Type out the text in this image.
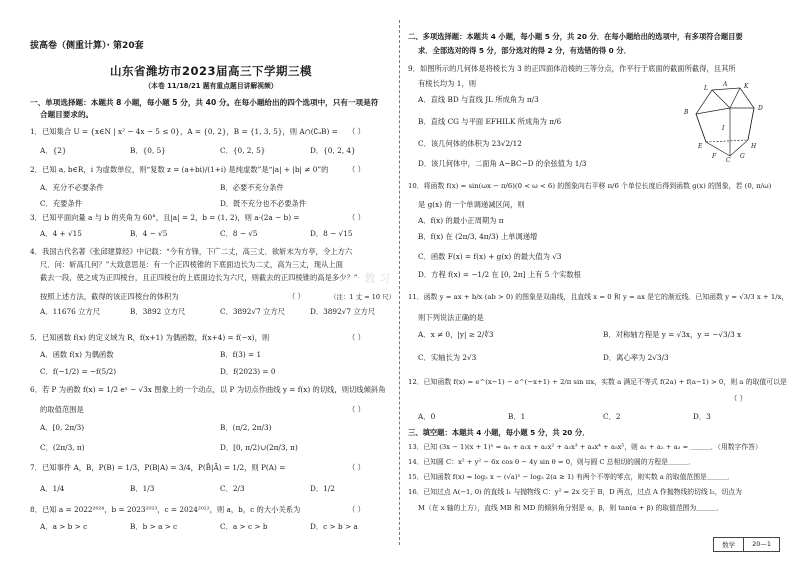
拔高卷（侧重计算）· 第20套
山东省潍坊市2023届高三下学期三模
（本卷 11/18/21 题有重点题目讲解视频）
一、单项选择题：本题共 8 小题，每小题 5 分，共 40 分。在每小题给出的四个选项中，只有一项是符
合题目要求的。
1．已知集合 U = {x∈N | x² − 4x − 5 ≤ 0}，A = {0, 2}，B = {1, 3, 5}，则 A∩(∁ᵤB) = （ ）
A．{2}	B．{0, 5}	C．{0, 2, 5}	D．{0, 2, 4}
2．已知 a, b∈R，i 为虚数单位，则“复数 z = (a+bi)/(1+i) 是纯虚数”是“|a| + |b| ≠ 0”的	（ ）
A．充分不必要条件	B．必要不充分条件
C．充要条件	D．既不充分也不必要条件
3．已知平面向量 a 与 b 的夹角为 60°，且|a| = 2，b = (1, 2)，则 a·(2a − b) =	（ ）
A．4 + √15	B．4 − √5	C．8 − √5	D．8 − √15
4．我国古代名著《张邱建算经》中记载：“今有方锋，下广二丈，高三丈．欲斩末为方亭，令上方六
尺．问：斩高几何？”大致意思是：有一个正四棱锥的下底面边长为二丈，高为三丈，现从上面
截去一段，使之成为正四棱台，且正四棱台的上底面边长为六尺，则截去的正四棱锥的高是多少？”
按照上述方法，截得的该正四棱台的体积为	（ ）	（注：1 丈 = 10 尺）
A．11676 立方尺	B．3892 立方尺	C．3892√7 立方尺	D．3892√7 立方尺
5．已知函数 f(x) 的定义域为 R，f(x+1) 为偶函数，f(x+4) = f(−x)，则	（ ）
A．函数 f(x) 为偶函数	B．f(3) = 1
C．f(−1/2) = −f(5/2)	D．f(2023) = 0
6．若 P 为函数 f(x) = 1/2 eˣ − √3x 图象上的一个动点，以 P 为切点作曲线 y = f(x) 的切线，则切线倾斜角
的取值范围是	（ ）
A．[0, 2π/3)	B．(π/2, 2π/3)
C．(2π/3, π)	D．[0, π/2)∪(2π/3, π)
7．已知事件 A，B，P(B) = 1/3，P(B|A) = 3/4，P(B̄|Ā) = 1/2，则 P(A) =	（ ）
A．1/4	B．1/3	C．2/3	D．1/2
8．已知 a = 2022²⁰²⁴，b = 2023²⁰²³，c = 2024²⁰²²，则 a，b，c 的大小关系为	（ ）
A．a > b > c	B．b > a > c	C．a > c > b	D．c > b > a
二、多项选择题：本题共 4 小题，每小题 5 分，共 20 分．在每小题给出的选项中，有多项符合题目要
求．全部选对的得 5 分，部分选对的得 2 分，有选错的得 0 分．
9．如图所示的几何体是将棱长为 3 的正四面体沿棱的三等分点，作平行于底面的截面所截得，且其所
有棱长均为 1，则
A．直线 BD 与直线 JL 所成角为 π/3
B．直线 CG 与平面 EFHILK 所成角为 π/6
C．该几何体的体积为 23√2/12
D．该几何体中，二面角 A−BC−D 的余弦值为 1/3
10．将函数 f(x) = sin(ωx − π/6)(0 < ω < 6) 的图象向右平移 π/6 个单位长度后得到函数 g(x) 的图象，若 (0, π/ω)
是 g(x) 的一个单调递减区间，则
A．f(x) 的最小正周期为 π
B．f(x) 在 (2π/3, 4π/3) 上单调递增
C．函数 F(x) = f(x) + g(x) 的最大值为 √3
D．方程 f(x) = −1/2 在 [0, 2π] 上有 5 个实数根
11．函数 y = ax + b/x (ab > 0) 的图象是双曲线，且直线 x = 0 和 y = ax 是它的渐近线．已知函数 y = √3/3 x + 1/x，
则下列说法正确的是
A．x ≠ 0，|y| ≥ 2/∜3	B．对称轴方程是 y = √3x，y = −√3/3 x
C．实轴长为 2√3	D．离心率为 2√3/3
12．已知函数 f(x) = e^(x−1) − e^(−x+1) + 2/π sin πx，实数 a 满足不等式 f(2a) + f(a−1) > 0，则 a 的取值可以是
（ ）
A．0	B．1	C．2	D．3
三、填空题：本题共 4 小题，每小题 5 分，共 20 分．
13．已知 (3x − 1)(x + 1)ⁿ = a₀ + a₁x + a₂x² + a₃x³ + a₄x⁴ + a₅x⁵，则 a₁ + a₂ + a₃ = ＿＿＿．（用数字作答）
14．已知圆 C：x² + y² − 6x cos θ − 4y sin θ = 0，则与圆 C 总相切的圆的方程是＿＿＿．
15．已知函数 f(x) = log₂ x − (√a)ˣ − log₂ 2(a ≥ 1) 有两个不等的零点，则实数 a 的取值范围是＿＿＿．
16．已知过点 A(−1, 0) 的直线 l₁ 与抛物线 C：y² = 2x 交于 B，D 两点，过点 A 作抛物线的切线 l₂，切点为
M（在 x 轴的上方），直线 MB 和 MD 的倾斜角分别是 α，β，则 tan(α + β) 的取值范围为＿＿＿．
一 教 习
A
L	K
B
D
E	H
I
C
F	G
数学	20—1
